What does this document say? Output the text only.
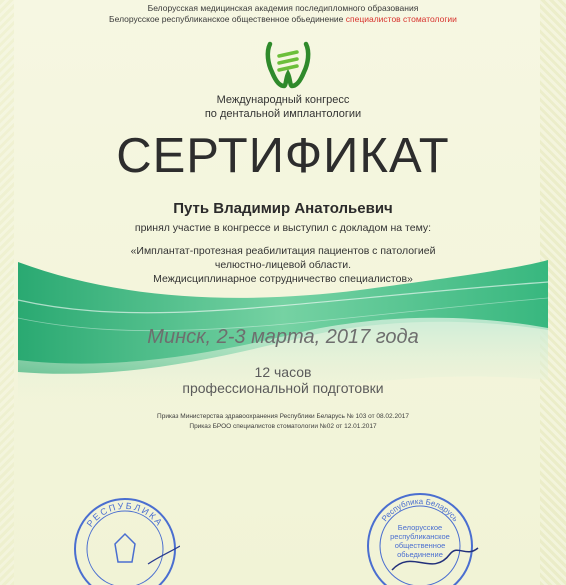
Белорусская медицинская академия последипломного образования
Белорусское республиканское общественное обьединение специалистов стоматологии
Международный конгресс
по дентальной имплантологии
СЕРТИФИКАТ
Путь Владимир Анатольевич
принял участие в конгрессе и выступил с докладом на тему:
«Имплантат-протезная реабилитация пациентов с патологией
челюстно-лицевой области.
Междисциплинарное сотрудничество специалистов»
Минск, 2-3 марта, 2017 года
12 часов
профессиональной подготовки
Приказ Министерства здравоохранения Республики Беларусь № 103 от 08.02.2017
Приказ БРОО специалистов стоматологии №02 от 12.01.2017
РЕСПУБЛИКА	Республика Беларусь
Белорусское
республиканское
общественное
обьединение
